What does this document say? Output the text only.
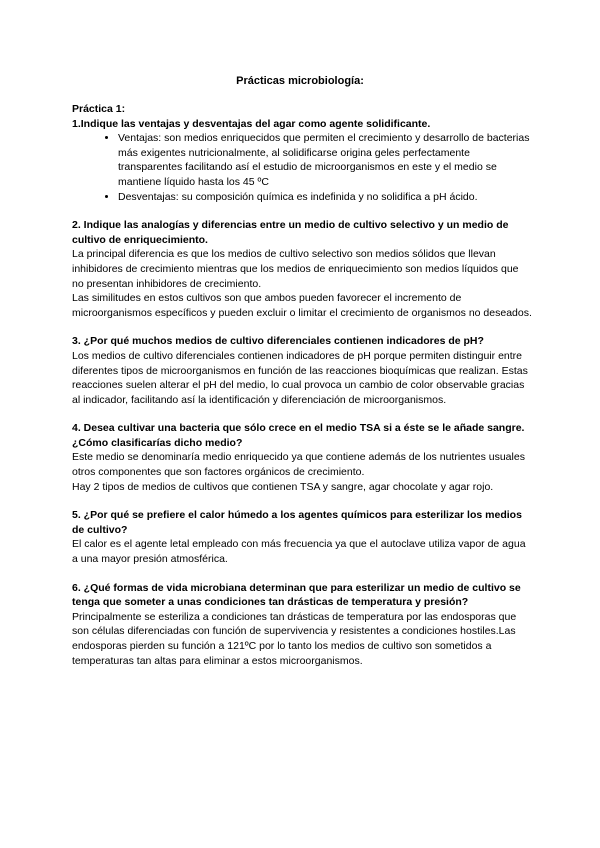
Prácticas microbiología:

Práctica 1:

1.Indique las ventajas y desventajas del agar como agente solidificante.

• Ventajas: son medios enriquecidos que permiten el crecimiento y desarrollo de bacterias más exigentes nutricionalmente, al solidificarse origina geles perfectamente transparentes facilitando así el estudio de microorganismos en este y el medio se mantiene líquido hasta los 45 ºC
• Desventajas: su composición química es indefinida y no solidifica a pH ácido.

2. Indique las analogías y diferencias entre un medio de cultivo selectivo y un medio de cultivo de enriquecimiento.

La principal diferencia es que los medios de cultivo selectivo son medios sólidos que llevan inhibidores de crecimiento mientras que los medios de enriquecimiento son medios líquidos que no presentan inhibidores de crecimiento.

Las similitudes en estos cultivos son que ambos pueden favorecer el incremento de microorganismos específicos y pueden excluir o limitar el crecimiento de organismos no deseados.

3. ¿Por qué muchos medios de cultivo diferenciales contienen indicadores de pH?

Los medios de cultivo diferenciales contienen indicadores de pH porque permiten distinguir entre diferentes tipos de microorganismos en función de las reacciones bioquímicas que realizan. Estas reacciones suelen alterar el pH del medio, lo cual provoca un cambio de color observable gracias al indicador, facilitando así la identificación y diferenciación de microorganismos.

4. Desea cultivar una bacteria que sólo crece en el medio TSA si a éste se le añade sangre. ¿Cómo clasificarías dicho medio?

Este medio se denominaría medio enriquecido ya que contiene además de los nutrientes usuales otros componentes que son factores orgánicos de crecimiento.

Hay 2 tipos de medios de cultivos que contienen TSA y sangre, agar chocolate y agar rojo.

5. ¿Por qué se prefiere el calor húmedo a los agentes químicos para esterilizar los medios de cultivo?

El calor es el agente letal empleado con más frecuencia ya que el autoclave utiliza vapor de agua a una mayor presión atmosférica.

6. ¿Qué formas de vida microbiana determinan que para esterilizar un medio de cultivo se tenga que someter a unas condiciones tan drásticas de temperatura y presión?

Principalmente se esteriliza a condiciones tan drásticas de temperatura por las endosporas que son células diferenciadas con función de supervivencia y resistentes a condiciones hostiles.Las endosporas pierden su función a 121ºC por lo tanto los medios de cultivo son sometidos a temperaturas tan altas para eliminar a estos microorganismos.
